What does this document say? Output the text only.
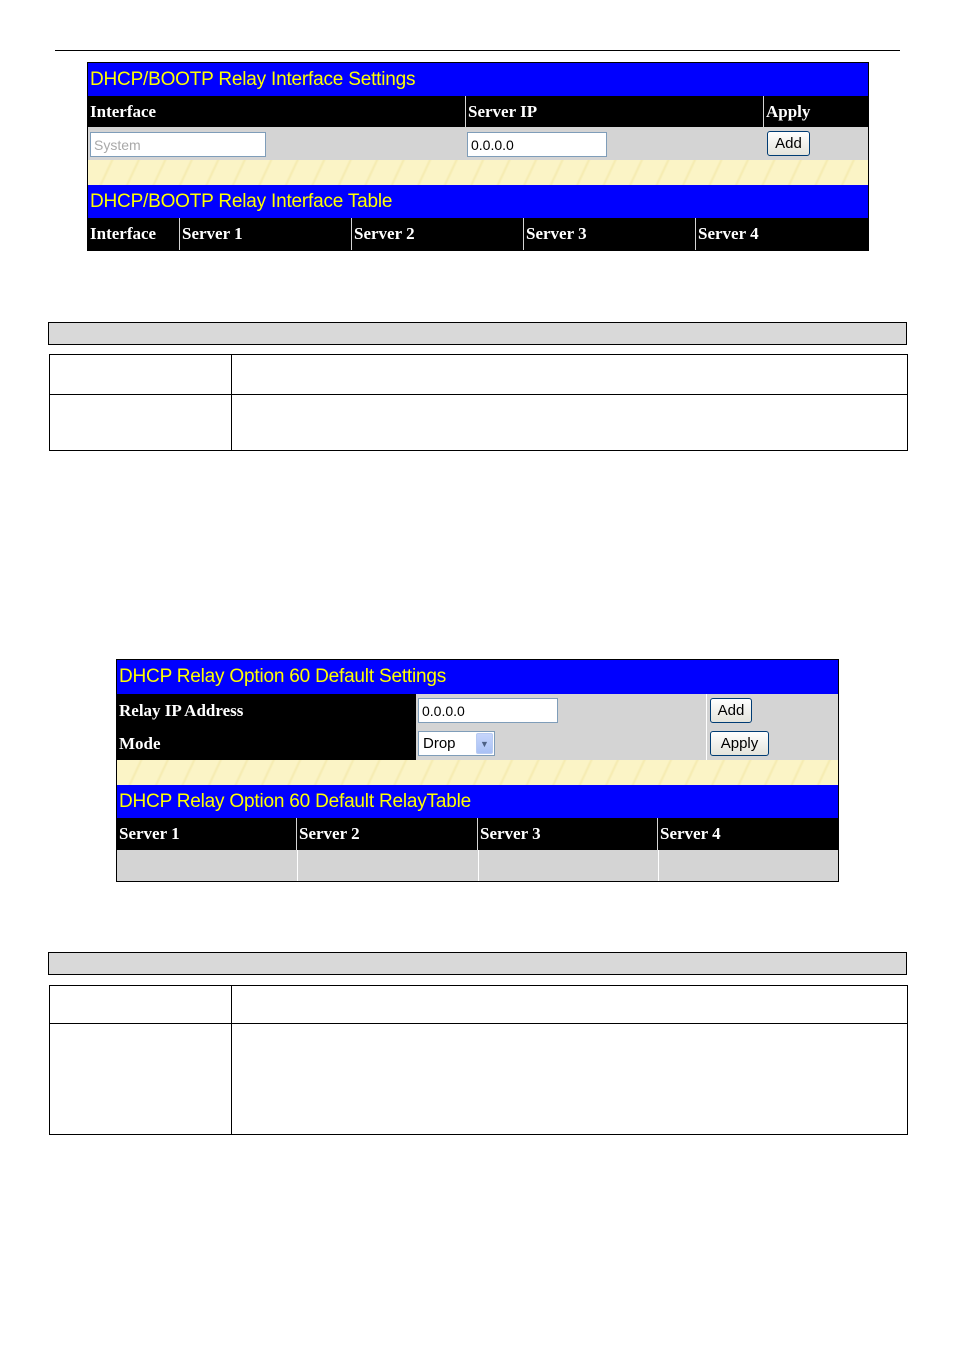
DHCP/BOOTP Relay Interface Settings
Interface	Server IP	Apply
System	0.0.0.0	Add
DHCP/BOOTP Relay Interface Table
Interface	Server 1	Server 2	Server 3	Server 4
DHCP Relay Option 60 Default Settings
Relay IP Address	0.0.0.0	Add
Mode	Drop	▼	Apply
DHCP Relay Option 60 Default RelayTable
Server 1	Server 2	Server 3	Server 4
